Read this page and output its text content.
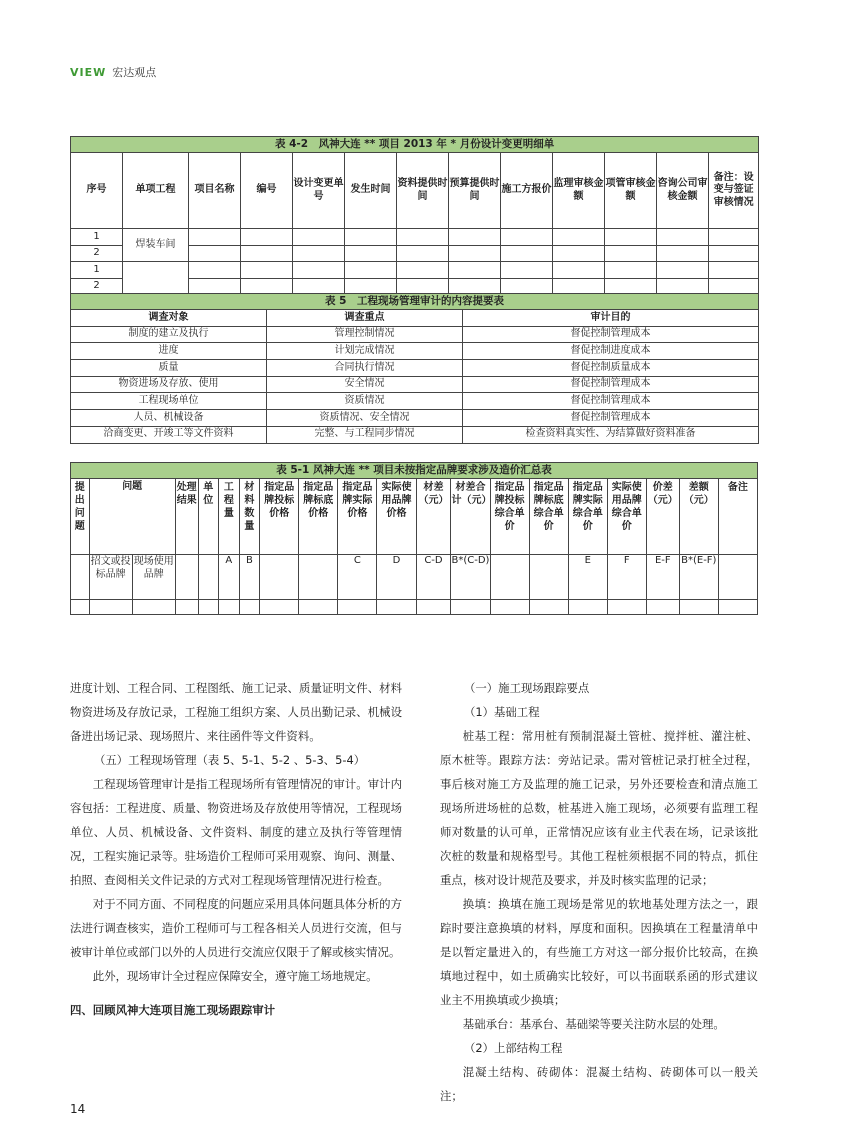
VIEW 宏达观点
表 4-2　风神大连 ** 项目 2013 年 * 月份设计变更明细单												
序号	单项工程	项目名称	编号	设计变更单号	发生时间	资料提供时间	预算提供时间	施工方报价	监理审核金额	项管审核金额	咨询公司审核金额	备注：设变与签证审核情况
1	焊装车间											
2												
1												
2												
表 5　工程现场管理审计的内容提要表		
调查对象	调查重点	审计目的
制度的建立及执行	管理控制情况	督促控制管理成本
进度	计划完成情况	督促控制进度成本
质量	合同执行情况	督促控制质量成本
物资进场及存放、使用	安全情况	督促控制管理成本
工程现场单位	资质情况	督促控制管理成本
人员、机械设备	资质情况、安全情况	督促控制管理成本
洽商变更、开竣工等文件资料	完整、与工程同步情况	检查资料真实性、为结算做好资料准备
表 5-1 风神大连 ** 项目未按指定品牌要求涉及造价汇总表																			
提出问题	问题		处理结果	单位	工程量	材料数量	指定品牌投标价格	指定品牌标底价格	指定品牌实际价格	实际使用品牌价格	材差（元）	材差合计（元）	指定品牌投标综合单价	指定品牌标底综合单价	指定品牌实际综合单价	实际使用品牌综合单价	价差（元）	差额（元）	备注
	招文或投标品牌	现场使用品牌			A	B			C	D	C-D	B*(C-D)			E	F	E-F	B*(E-F)	

进度计划、工程合同、工程图纸、施工记录、质量证明文件、材料物资进场及存放记录，工程施工组织方案、人员出勤记录、机械设备进出场记录、现场照片、来往函件等文件资料。

（五）工程现场管理（表 5、5-1、5-2 、5-3、5-4）

工程现场管理审计是指工程现场所有管理情况的审计。审计内容包括：工程进度、质量、物资进场及存放使用等情况，工程现场单位、人员、机械设备、文件资料、制度的建立及执行等管理情况，工程实施记录等。驻场造价工程师可采用观察、询问、测量、拍照、查阅相关文件记录的方式对工程现场管理情况进行检查。

对于不同方面、不同程度的问题应采用具体问题具体分析的方法进行调查核实，造价工程师可与工程各相关人员进行交流，但与被审计单位或部门以外的人员进行交流应仅限于了解或核实情况。

此外，现场审计全过程应保障安全，遵守施工场地规定。

四、回顾风神大连项目施工现场跟踪审计

（一）施工现场跟踪要点

（1）基础工程

桩基工程：常用桩有预制混凝土管桩、搅拌桩、灌注桩、原木桩等。跟踪方法：旁站记录。需对管桩记录打桩全过程，事后核对施工方及监理的施工记录，另外还要检查和清点施工现场所进场桩的总数，桩基进入施工现场，必须要有监理工程师对数量的认可单，正常情况应该有业主代表在场，记录该批次桩的数量和规格型号。其他工程桩须根据不同的特点，抓住重点，核对设计规范及要求，并及时核实监理的记录；

换填：换填在施工现场是常见的软地基处理方法之一，跟踪时要注意换填的材料，厚度和面积。因换填在工程量清单中是以暂定量进入的，有些施工方对这一部分报价比较高，在换填地过程中，如土质确实比较好，可以书面联系函的形式建议业主不用换填或少换填；

基础承台：基承台、基础梁等要关注防水层的处理。

（2）上部结构工程

混凝土结构、砖砌体：混凝土结构、砖砌体可以一般关注；

14
